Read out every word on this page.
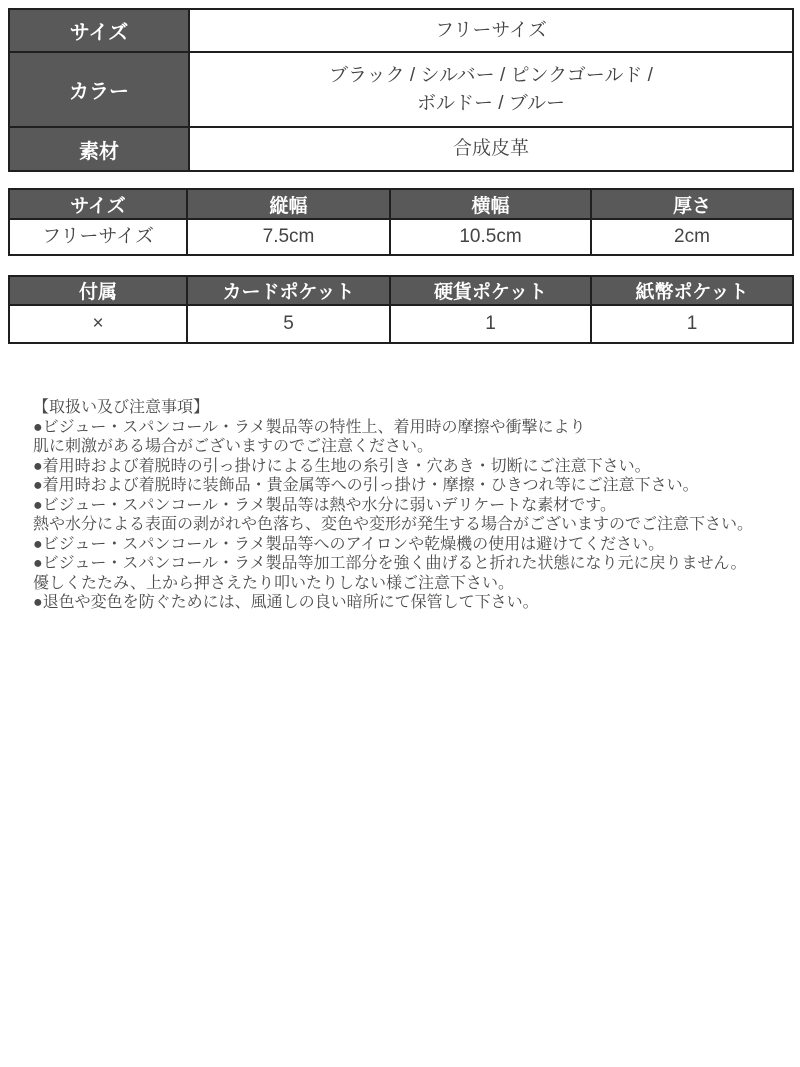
サイズ	フリーサイズ
カラー	ブラック / シルバー / ピンクゴールド /
ボルドー / ブルー

素材	合成皮革
サイズ	縦幅	横幅	厚さ
フリーサイズ	7.5cm	10.5cm	2cm
付属	カードポケット	硬貨ポケット	紙幣ポケット
×	5	1	1
【取扱い及び注意事項】
●ビジュー・スパンコール・ラメ製品等の特性上、着用時の摩擦や衝撃により
肌に刺激がある場合がございますのでご注意ください。
●着用時および着脱時の引っ掛けによる生地の糸引き・穴あき・切断にご注意下さい。
●着用時および着脱時に装飾品・貴金属等への引っ掛け・摩擦・ひきつれ等にご注意下さい。
●ビジュー・スパンコール・ラメ製品等は熱や水分に弱いデリケートな素材です。
熱や水分による表面の剥がれや色落ち、変色や変形が発生する場合がございますのでご注意下さい。
●ビジュー・スパンコール・ラメ製品等へのアイロンや乾燥機の使用は避けてください。
●ビジュー・スパンコール・ラメ製品等加工部分を強く曲げると折れた状態になり元に戻りません。
優しくたたみ、上から押さえたり叩いたりしない様ご注意下さい。
●退色や変色を防ぐためには、風通しの良い暗所にて保管して下さい。
